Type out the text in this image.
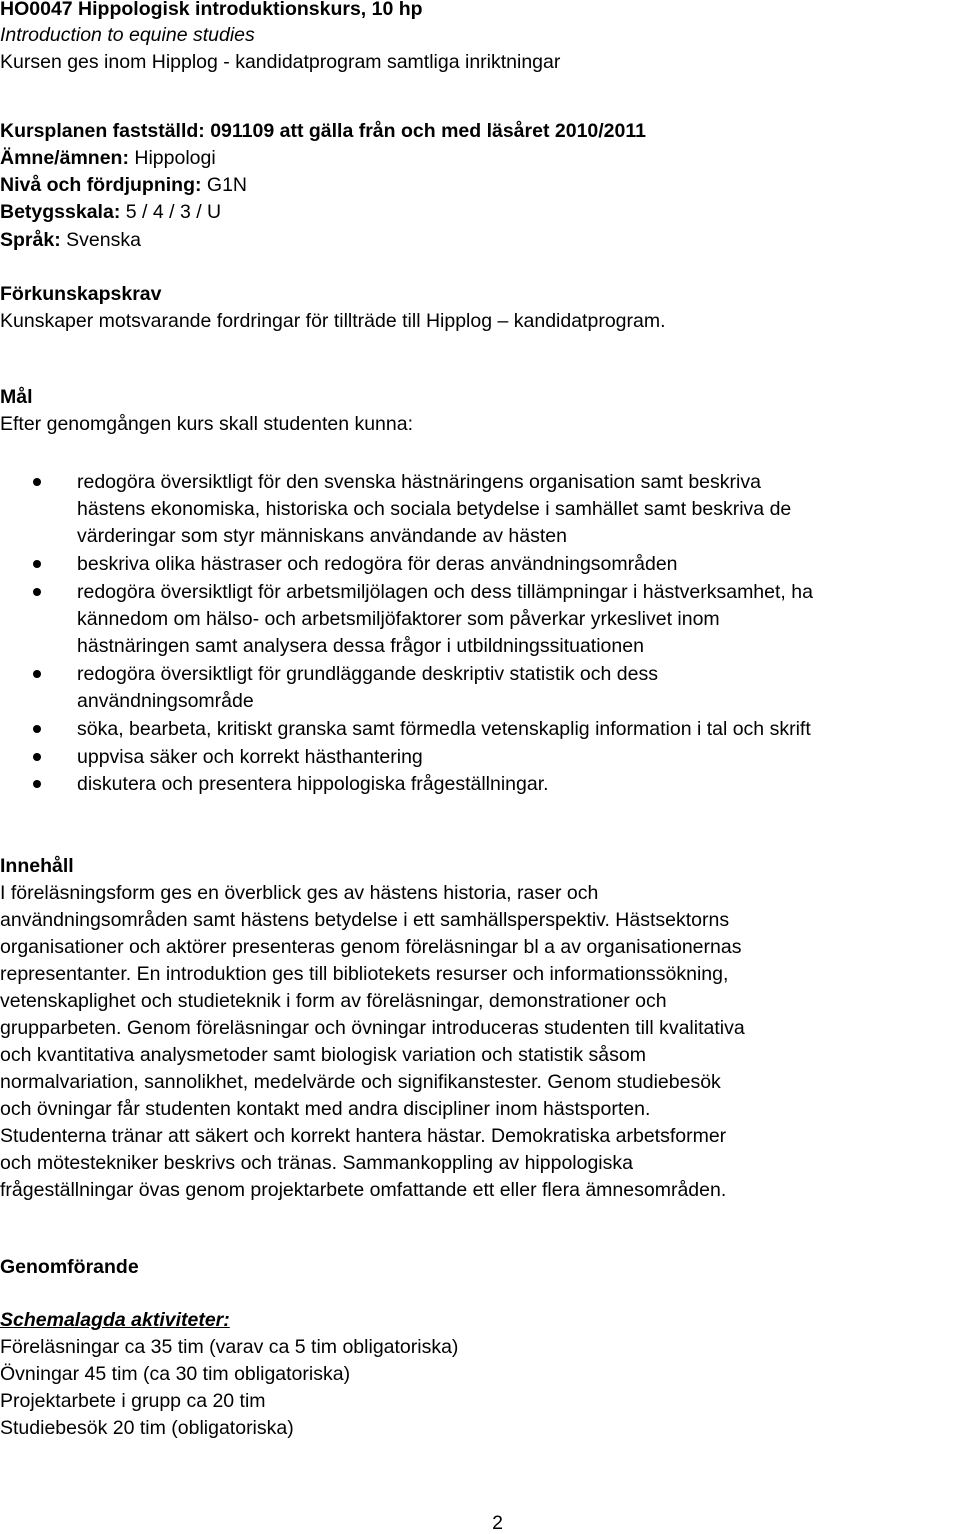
HO0047 Hippologisk introduktionskurs, 10 hp
Introduction to equine studies
Kursen ges inom Hipplog - kandidatprogram samtliga inriktningar
Kursplanen fastställd: 091109 att gälla från och med läsåret 2010/2011
Ämne/ämnen: Hippologi
Nivå och fördjupning: G1N
Betygsskala: 5 / 4 / 3 / U
Språk: Svenska
Förkunskapskrav
Kunskaper motsvarande fordringar för tillträde till Hipplog – kandidatprogram.
Mål
Efter genomgången kurs skall studenten kunna:
redogöra översiktligt för den svenska hästnäringens organisation samt beskriva
hästens ekonomiska, historiska och sociala betydelse i samhället samt beskriva de
värderingar som styr människans användande av hästen
beskriva olika hästraser och redogöra för deras användningsområden
redogöra översiktligt för arbetsmiljölagen och dess tillämpningar i hästverksamhet, ha
kännedom om hälso- och arbetsmiljöfaktorer som påverkar yrkeslivet inom
hästnäringen samt analysera dessa frågor i utbildningssituationen
redogöra översiktligt för grundläggande deskriptiv statistik och dess
användningsområde
söka, bearbeta, kritiskt granska samt förmedla vetenskaplig information i tal och skrift
uppvisa säker och korrekt hästhantering
diskutera och presentera hippologiska frågeställningar.
Innehåll
I föreläsningsform ges en överblick ges av hästens historia, raser och
användningsområden samt hästens betydelse i ett samhällsperspektiv. Hästsektorns
organisationer och aktörer presenteras genom föreläsningar bl a av organisationernas
representanter. En introduktion ges till bibliotekets resurser och informationssökning,
vetenskaplighet och studieteknik i form av föreläsningar, demonstrationer och
grupparbeten. Genom föreläsningar och övningar introduceras studenten till kvalitativa
och kvantitativa analysmetoder samt biologisk variation och statistik såsom
normalvariation, sannolikhet, medelvärde och signifikanstester. Genom studiebesök
och övningar får studenten kontakt med andra discipliner inom hästsporten.
Studenterna tränar att säkert och korrekt hantera hästar. Demokratiska arbetsformer
och mötestekniker beskrivs och tränas. Sammankoppling av hippologiska
frågeställningar övas genom projektarbete omfattande ett eller flera ämnesområden.
Genomförande
Schemalagda aktiviteter:
Föreläsningar ca 35 tim (varav ca 5 tim obligatoriska)
Övningar 45 tim (ca 30 tim obligatoriska)
Projektarbete i grupp ca 20 tim
Studiebesök 20 tim (obligatoriska)
2
